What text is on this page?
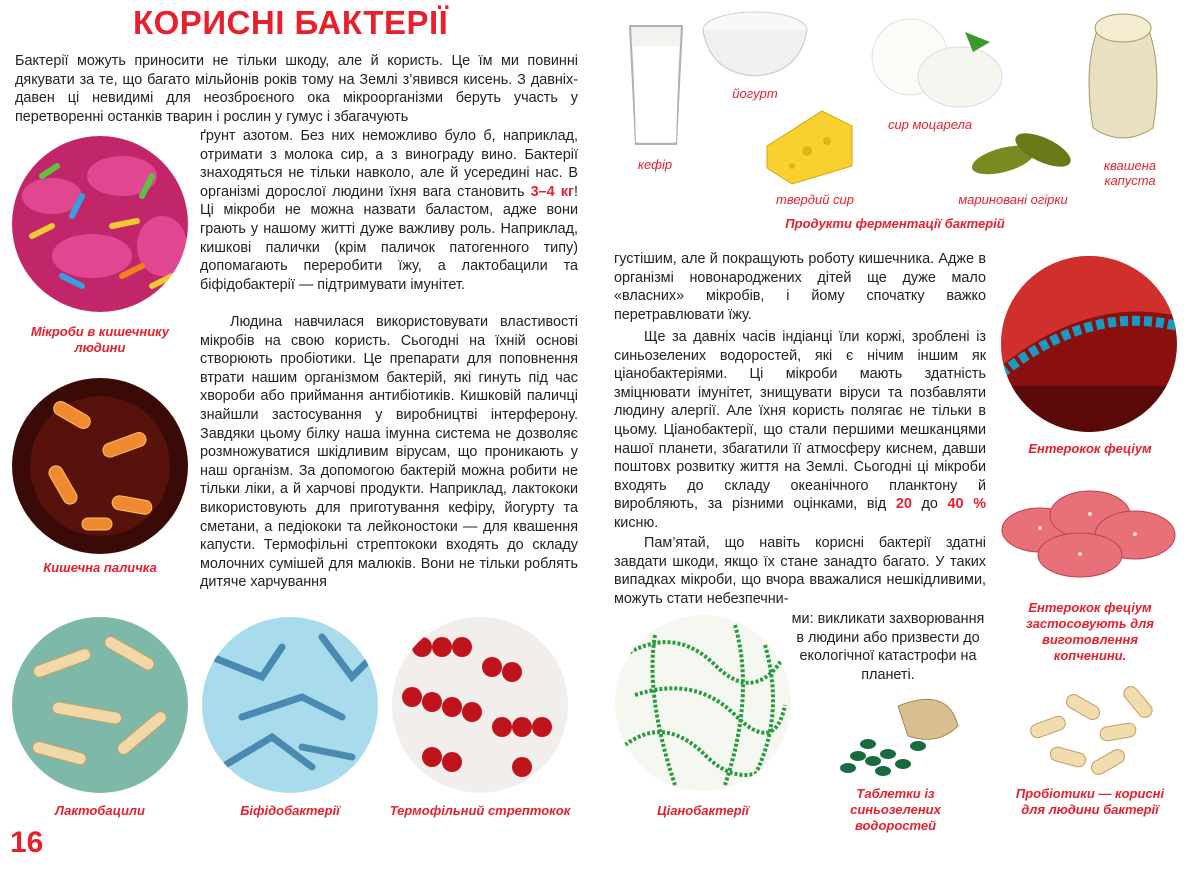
КОРИСНІ БАКТЕРІЇ

Бактерії можуть приносити не тільки шкоду, але й користь. Це їм ми повинні дякувати за те, що багато мільйонів років тому на Землі з’явився кисень. З давніх-давен ці невидимі для неозброєного ока мікроорганізми беруть участь у перетворенні останків тварин і рослин у гумус і збагачують

ґрунт азотом. Без них неможливо було б, наприклад, отримати з молока сир, а з винограду вино. Бактерії знаходяться не тільки навколо, але й усередині нас. В організмі дорослої людини їхня вага становить 3–4 кг! Ці мікроби не можна назвати баластом, адже вони грають у нашому житті дуже важливу роль. Наприклад, кишкові палички (крім паличок патогенного типу) допомагають переробити їжу, а лактобацили та біфідобактерії — підтримувати імунітет.

Людина навчилася використовувати властивості мікробів на свою користь. Сьогодні на їхній основі створюють пробіотики. Це препарати для поповнення втрати нашим організмом бактерій, які гинуть під час хвороби або приймання антибіотиків. Кишковій паличці знайшли застосування у виробництві інтерферону. Завдяки цьому білку наша імунна система не дозволяє розмножуватися шкідливим вірусам, що проникають у наш організм. За допомогою бактерій можна робити не тільки ліки, а й харчові продукти. Наприклад, лактококи використовують для приготування кефіру, йогурту та сметани, а педіококи та лейконостоки — для квашення капусти. Термофільні стрептококи входять до складу молочних сумішей для малюків. Вони не тільки роблять дитяче харчування

Мікроби в кишечнику людини
Кишечна паличка
Лактобацили	Біфідобактерії	Термофільний стрептокок
16
кефір
йогурт
сир моцарела
квашена капуста
твердий сир	мариновані огірки
Продукти ферментації бактерій

густішим, але й покращують роботу кишечника. Адже в організмі новонароджених дітей ще дуже мало «власних» мікробів, і йому спочатку важко перетравлювати їжу.

Ще за давніх часів індіанці їли коржі, зроблені із синьозелених водоростей, які є нічим іншим як ціанобактеріями. Ці мікроби мають здатність зміцнювати імунітет, знищувати віруси та позбавляти людину алергії. Але їхня користь полягає не тільки в цьому. Ціанобактерії, що стали першими мешканцями нашої планети, збагатили її атмосферу киснем, давши поштовх розвитку життя на Землі. Сьогодні ці мікроби входять до складу океанічного планктону й виробляють, за різними оцінками, від 20 до 40 % кисню.

Пам’ятай, що навіть корисні бактерії здатні завдати шкоди, якщо їх стане занадто багато. У таких випадках мікроби, що вчора вважалися нешкідливими, можуть стати небезпечни-

ми: викликати захворювання в людини або призвести до екологічної катастрофи на планеті.

Ціанобактерії
Таблетки із синьозелених водоростей
Пробіотики — корисні для людини бактерії
Ентерокок фецiум
Ентерокок фецiум застосовують для виготовлення копченини.
